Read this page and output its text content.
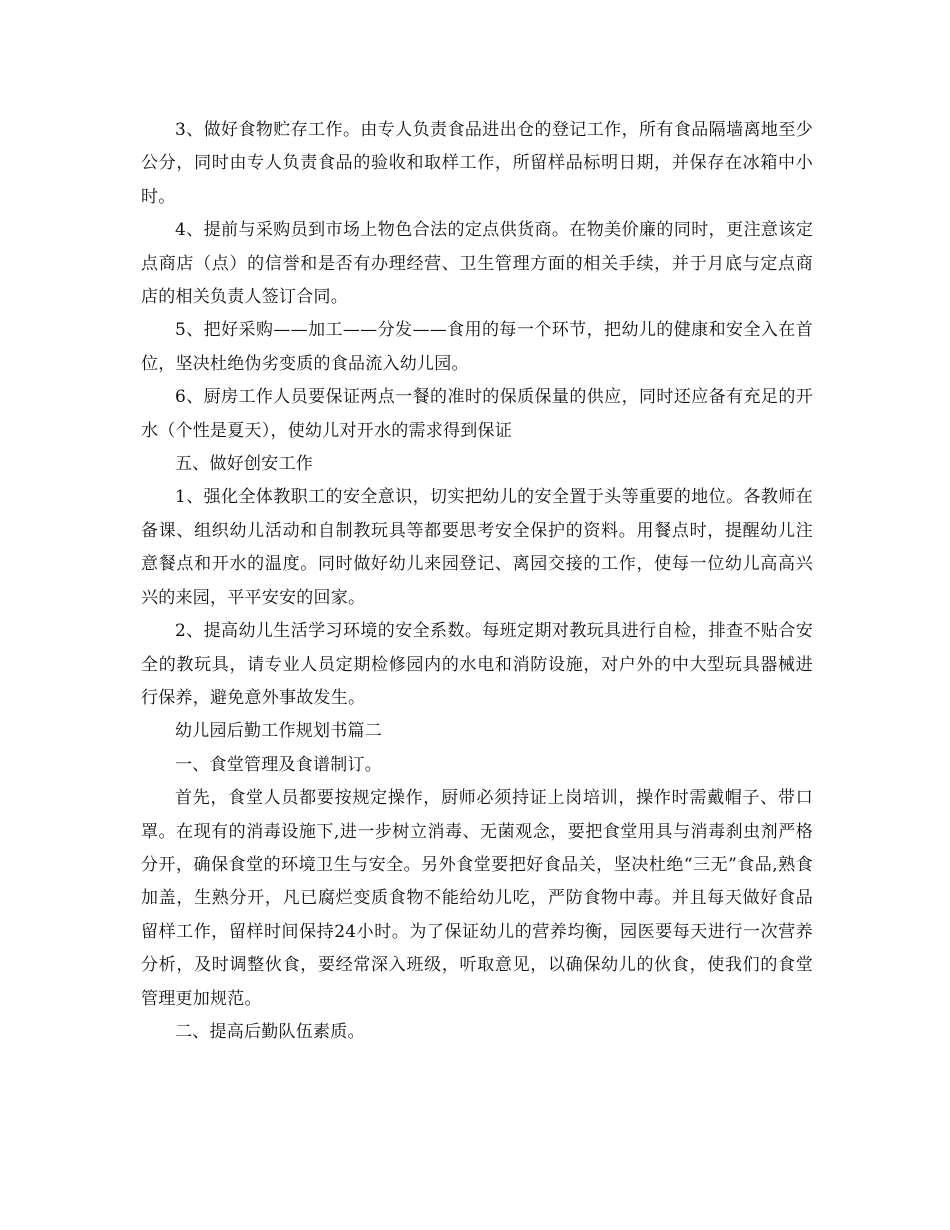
3、做好食物贮存工作。由专人负责食品进出仓的登记工作，所有食品隔墙离地至少公分，同时由专人负责食品的验收和取样工作，所留样品标明日期，并保存在冰箱中小时。

4、提前与采购员到市场上物色合法的定点供货商。在物美价廉的同时，更注意该定点商店（点）的信誉和是否有办理经营、卫生管理方面的相关手续，并于月底与定点商店的相关负责人签订合同。

5、把好采购——加工——分发——食用的每一个环节，把幼儿的健康和安全入在首位，坚决杜绝伪劣变质的食品流入幼儿园。

6、厨房工作人员要保证两点一餐的准时的保质保量的供应，同时还应备有充足的开水（个性是夏天），使幼儿对开水的需求得到保证

五、做好创安工作

1、强化全体教职工的安全意识，切实把幼儿的安全置于头等重要的地位。各教师在备课、组织幼儿活动和自制教玩具等都要思考安全保护的资料。用餐点时，提醒幼儿注意餐点和开水的温度。同时做好幼儿来园登记、离园交接的工作，使每一位幼儿高高兴兴的来园，平平安安的回家。

2、提高幼儿生活学习环境的安全系数。每班定期对教玩具进行自检，排查不贴合安全的教玩具，请专业人员定期检修园内的水电和消防设施，对户外的中大型玩具器械进行保养，避免意外事故发生。

幼儿园后勤工作规划书篇二

一、食堂管理及食谱制订。

首先，食堂人员都要按规定操作，厨师必须持证上岗培训，操作时需戴帽子、带口罩。在现有的消毒设施下,进一步树立消毒、无菌观念，要把食堂用具与消毒刹虫剂严格分开，确保食堂的环境卫生与安全。另外食堂要把好食品关，坚决杜绝“三无”食品,熟食加盖，生熟分开，凡已腐烂变质食物不能给幼儿吃，严防食物中毒。并且每天做好食品留样工作，留样时间保持24小时。为了保证幼儿的营养均衡，园医要每天进行一次营养分析，及时调整伙食，要经常深入班级，听取意见，以确保幼儿的伙食，使我们的食堂管理更加规范。

二、提高后勤队伍素质。
